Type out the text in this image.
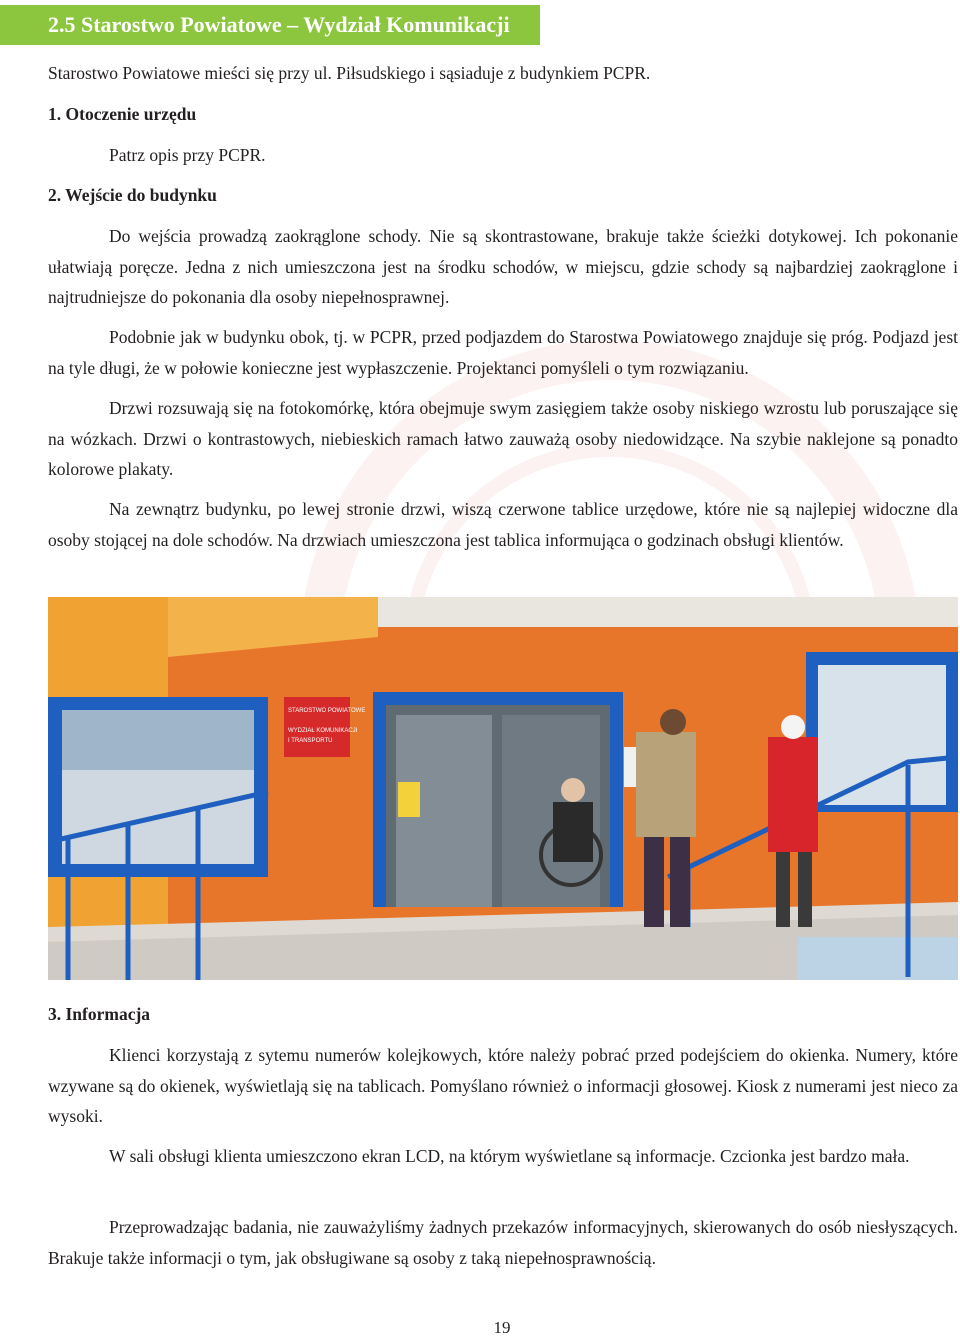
2.5 Starostwo Powiatowe – Wydział Komunikacji
Starostwo Powiatowe mieści się przy ul. Piłsudskiego i sąsiaduje z budynkiem PCPR.
1. Otoczenie urzędu
Patrz opis przy PCPR.
2. Wejście do budynku
Do wejścia prowadzą zaokrąglone schody. Nie są skontrastowane, brakuje także ścieżki dotykowej. Ich pokonanie ułatwiają poręcze. Jedna z nich umieszczona jest na środku schodów, w miejscu, gdzie schody są najbardziej zaokrąglone i najtrudniejsze do pokonania dla osoby niepełnosprawnej.
Podobnie jak w budynku obok, tj. w PCPR, przed podjazdem do Starostwa Powiatowego znajduje się próg. Podjazd jest na tyle długi, że w połowie konieczne jest wypłaszczenie. Projektanci pomyśleli o tym rozwiązaniu.
Drzwi rozsuwają się na fotokomórkę, która obejmuje swym zasięgiem także osoby niskiego wzrostu lub poruszające się na wózkach. Drzwi o kontrastowych, niebieskich ramach łatwo zauważą osoby niedowidzące. Na szybie naklejone są ponadto kolorowe plakaty.
Na zewnątrz budynku, po lewej stronie drzwi, wiszą czerwone tablice urzędowe, które nie są najlepiej widoczne dla osoby stojącej na dole schodów. Na drzwiach umieszczona jest tablica informująca o godzinach obsługi klientów.
STAROSTWO POWIATOWE
WYDZIAŁ KOMUNIKACJI
I TRANSPORTU
3. Informacja
Klienci korzystają z sytemu numerów kolejkowych, które należy pobrać przed podejściem do okienka. Numery, które wzywane są do okienek, wyświetlają się na tablicach. Pomyślano również o informacji głosowej. Kiosk z numerami jest nieco za wysoki.
W sali obsługi klienta umieszczono ekran LCD, na którym wyświetlane są informacje. Czcionka jest bardzo mała.
Przeprowadzając badania, nie zauważyliśmy żadnych przekazów informacyjnych, skierowanych do osób niesłyszących. Brakuje także informacji o tym, jak obsługiwane są osoby z taką niepełnosprawnością.
19
